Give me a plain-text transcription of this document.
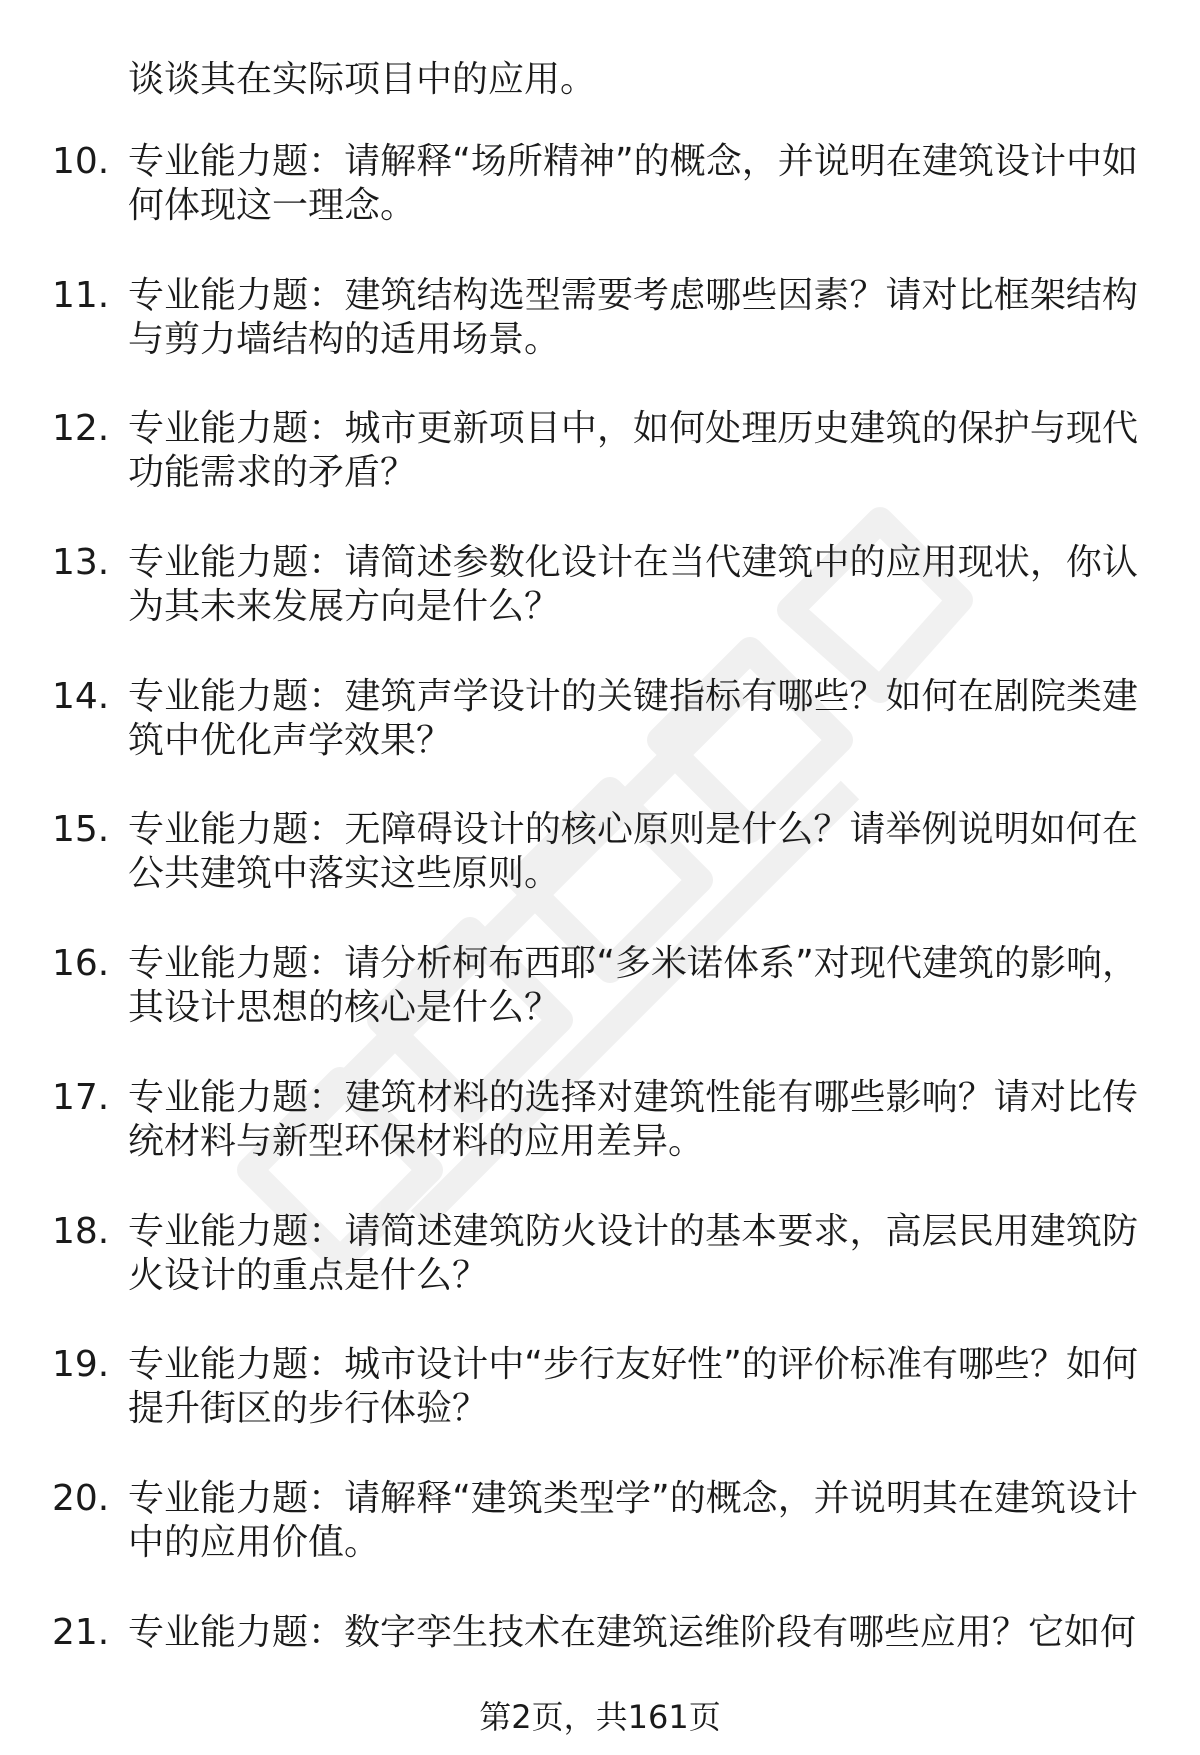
谈谈其在实际项目中的应用。
10. 专业能力题：请解释“场所精神”的概念，并说明在建筑设计中如何体现这一理念。
11. 专业能力题：建筑结构选型需要考虑哪些因素？请对比框架结构与剪力墙结构的适用场景。
12. 专业能力题：城市更新项目中，如何处理历史建筑的保护与现代功能需求的矛盾？
13. 专业能力题：请简述参数化设计在当代建筑中的应用现状，你认为其未来发展方向是什么？
14. 专业能力题：建筑声学设计的关键指标有哪些？如何在剧院类建筑中优化声学效果？
15. 专业能力题：无障碍设计的核心原则是什么？请举例说明如何在公共建筑中落实这些原则。
16. 专业能力题：请分析柯布西耶“多米诺体系”对现代建筑的影响，其设计思想的核心是什么？
17. 专业能力题：建筑材料的选择对建筑性能有哪些影响？请对比传统材料与新型环保材料的应用差异。
18. 专业能力题：请简述建筑防火设计的基本要求，高层民用建筑防火设计的重点是什么？
19. 专业能力题：城市设计中“步行友好性”的评价标准有哪些？如何提升街区的步行体验？
20. 专业能力题：请解释“建筑类型学”的概念，并说明其在建筑设计中的应用价值。
21. 专业能力题：数字孪生技术在建筑运维阶段有哪些应用？它如何
第2页，共161页
